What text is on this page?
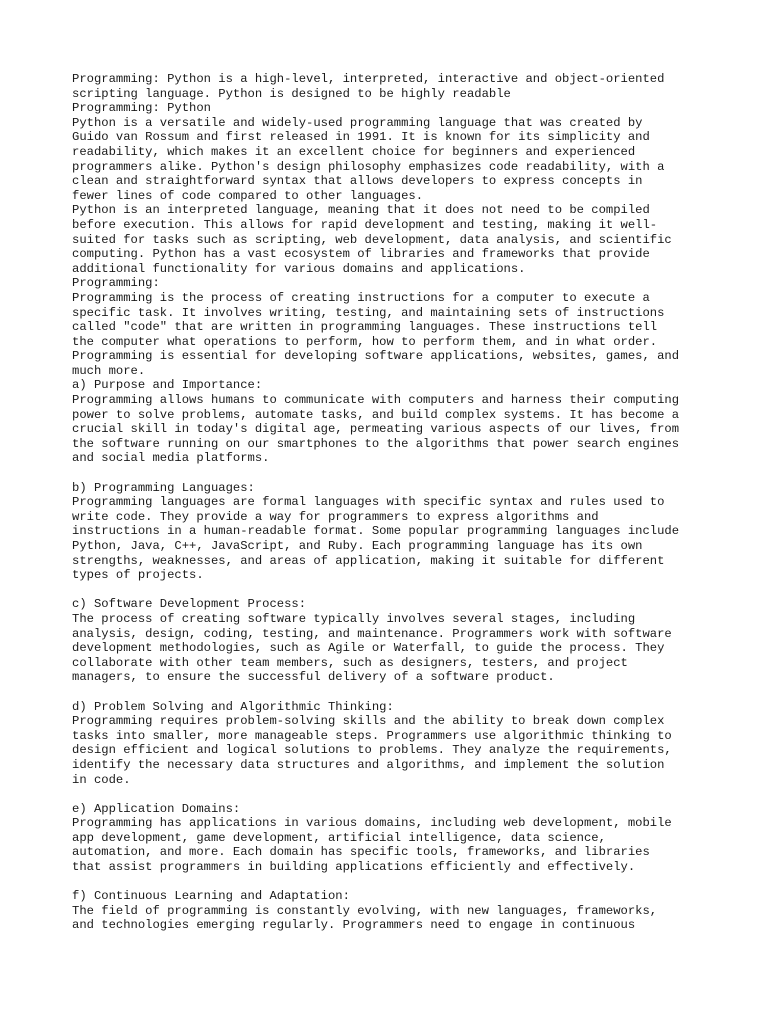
Programming: Python is a high-level, interpreted, interactive and object-oriented
scripting language. Python is designed to be highly readable
Programming: Python
Python is a versatile and widely-used programming language that was created by
Guido van Rossum and first released in 1991. It is known for its simplicity and
readability, which makes it an excellent choice for beginners and experienced
programmers alike. Python's design philosophy emphasizes code readability, with a
clean and straightforward syntax that allows developers to express concepts in
fewer lines of code compared to other languages.
Python is an interpreted language, meaning that it does not need to be compiled
before execution. This allows for rapid development and testing, making it well-
suited for tasks such as scripting, web development, data analysis, and scientific
computing. Python has a vast ecosystem of libraries and frameworks that provide
additional functionality for various domains and applications.
Programming:
Programming is the process of creating instructions for a computer to execute a
specific task. It involves writing, testing, and maintaining sets of instructions
called "code" that are written in programming languages. These instructions tell
the computer what operations to perform, how to perform them, and in what order.
Programming is essential for developing software applications, websites, games, and
much more.
a) Purpose and Importance:
Programming allows humans to communicate with computers and harness their computing
power to solve problems, automate tasks, and build complex systems. It has become a
crucial skill in today's digital age, permeating various aspects of our lives, from
the software running on our smartphones to the algorithms that power search engines
and social media platforms.
b) Programming Languages:
Programming languages are formal languages with specific syntax and rules used to
write code. They provide a way for programmers to express algorithms and
instructions in a human-readable format. Some popular programming languages include
Python, Java, C++, JavaScript, and Ruby. Each programming language has its own
strengths, weaknesses, and areas of application, making it suitable for different
types of projects.
c) Software Development Process:
The process of creating software typically involves several stages, including
analysis, design, coding, testing, and maintenance. Programmers work with software
development methodologies, such as Agile or Waterfall, to guide the process. They
collaborate with other team members, such as designers, testers, and project
managers, to ensure the successful delivery of a software product.
d) Problem Solving and Algorithmic Thinking:
Programming requires problem-solving skills and the ability to break down complex
tasks into smaller, more manageable steps. Programmers use algorithmic thinking to
design efficient and logical solutions to problems. They analyze the requirements,
identify the necessary data structures and algorithms, and implement the solution
in code.
e) Application Domains:
Programming has applications in various domains, including web development, mobile
app development, game development, artificial intelligence, data science,
automation, and more. Each domain has specific tools, frameworks, and libraries
that assist programmers in building applications efficiently and effectively.
f) Continuous Learning and Adaptation:
The field of programming is constantly evolving, with new languages, frameworks,
and technologies emerging regularly. Programmers need to engage in continuous
